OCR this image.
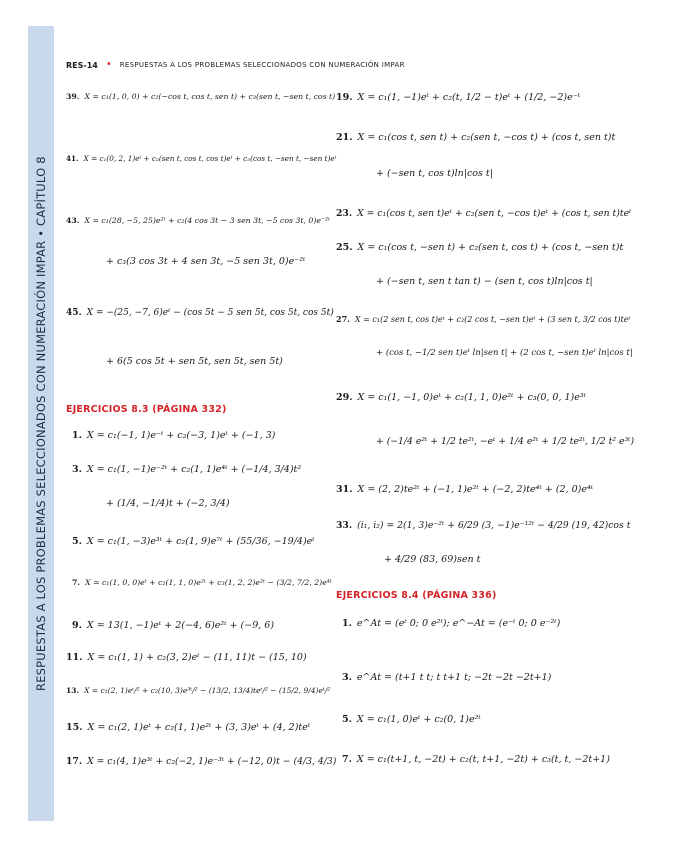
RESPUESTAS A LOS PROBLEMAS SELECCIONADOS CON NUMERACIÓN IMPAR • CAPÍTULO 8
RES-14 • RESPUESTAS A LOS PROBLEMAS SELECCIONADOS CON NUMERACIÓN IMPAR
39. X = c₁(1, 0, 0) + c₂(−cos t, cos t, sen t) + c₃(sen t, −sen t, cos t)
41. X = c₁(0, 2, 1)eᵗ + c₂(sen t, cos t, cos t)eᵗ + c₃(cos t, −sen t, −sen t)eᵗ
43. X = c₁(28, −5, 25)e²ᵗ + c₂(4 cos 3t − 3 sen 3t, −5 cos 3t, 0)e⁻²ᵗ
+ c₃(3 cos 3t + 4 sen 3t, −5 sen 3t, 0)e⁻²ᵗ
45. X = −(25, −7, 6)eᵗ − (cos 5t − 5 sen 5t, cos 5t, cos 5t)
+ 6(5 cos 5t + sen 5t, sen 5t, sen 5t)
EJERCICIOS 8.3 (PÁGINA 332)
1. X = c₁(−1, 1)e⁻ᵗ + c₂(−3, 1)eᵗ + (−1, 3)
3. X = c₁(1, −1)e⁻²ᵗ + c₂(1, 1)e⁴ᵗ + (−1/4, 3/4)t²
+ (1/4, −1/4)t + (−2, 3/4)
5. X = c₁(1, −3)e³ᵗ + c₂(1, 9)e⁷ᵗ + (55/36, −19/4)eᵗ
7. X = c₁(1, 0, 0)eᵗ + c₂(1, 1, 0)e²ᵗ + c₃(1, 2, 2)e²ᵗ − (3/2, 7/2, 2)e⁴ᵗ
9. X = 13(1, −1)eᵗ + 2(−4, 6)e²ᵗ + (−9, 6)
11. X = c₁(1, 1) + c₂(3, 2)eᵗ − (11, 11)t − (15, 10)
13. X = c₁(2, 1)eᵗ/² + c₂(10, 3)e³ᵗ/² − (13/2, 13/4)teᵗ/² − (15/2, 9/4)eᵗ/²
15. X = c₁(2, 1)eᵗ + c₂(1, 1)e²ᵗ + (3, 3)eᵗ + (4, 2)teᵗ
17. X = c₁(4, 1)e³ᵗ + c₂(−2, 1)e⁻³ᵗ + (−12, 0)t − (4/3, 4/3)
19. X = c₁(1, −1)eᵗ + c₂(t, 1/2 − t)eᵗ + (1/2, −2)e⁻ᵗ
21. X = c₁(cos t, sen t) + c₂(sen t, −cos t) + (cos t, sen t)t
+ (−sen t, cos t)ln|cos t|
23. X = c₁(cos t, sen t)eᵗ + c₂(sen t, −cos t)eᵗ + (cos t, sen t)teᵗ
25. X = c₁(cos t, −sen t) + c₂(sen t, cos t) + (cos t, −sen t)t
+ (−sen t, sen t tan t) − (sen t, cos t)ln|cos t|
27. X = c₁(2 sen t, cos t)eᵗ + c₂(2 cos t, −sen t)eᵗ + (3 sen t, 3/2 cos t)teᵗ
+ (cos t, −1/2 sen t)eᵗ ln|sen t| + (2 cos t, −sen t)eᵗ ln|cos t|
29. X = c₁(1, −1, 0)eᵗ + c₂(1, 1, 0)e²ᵗ + c₃(0, 0, 1)e³ᵗ
+ (−1/4 e²ᵗ + 1/2 te²ᵗ, −eᵗ + 1/4 e²ᵗ + 1/2 te²ᵗ, 1/2 t² e³ᵗ)
31. X = (2, 2)te²ᵗ + (−1, 1)e²ᵗ + (−2, 2)te⁴ᵗ + (2, 0)e⁴ᵗ
33. (i₁, i₂) = 2(1, 3)e⁻²ᵗ + 6/29 (3, −1)e⁻¹²ᵗ − 4/29 (19, 42)cos t
+ 4/29 (83, 69)sen t
EJERCICIOS 8.4 (PÁGINA 336)
1. e^At = (eᵗ 0; 0 e²ᵗ); e^−At = (e⁻ᵗ 0; 0 e⁻²ᵗ)
3. e^At = (t+1 t t; t t+1 t; −2t −2t −2t+1)
5. X = c₁(1, 0)eᵗ + c₂(0, 1)e²ᵗ
7. X = c₁(t+1, t, −2t) + c₂(t, t+1, −2t) + c₃(t, t, −2t+1)
